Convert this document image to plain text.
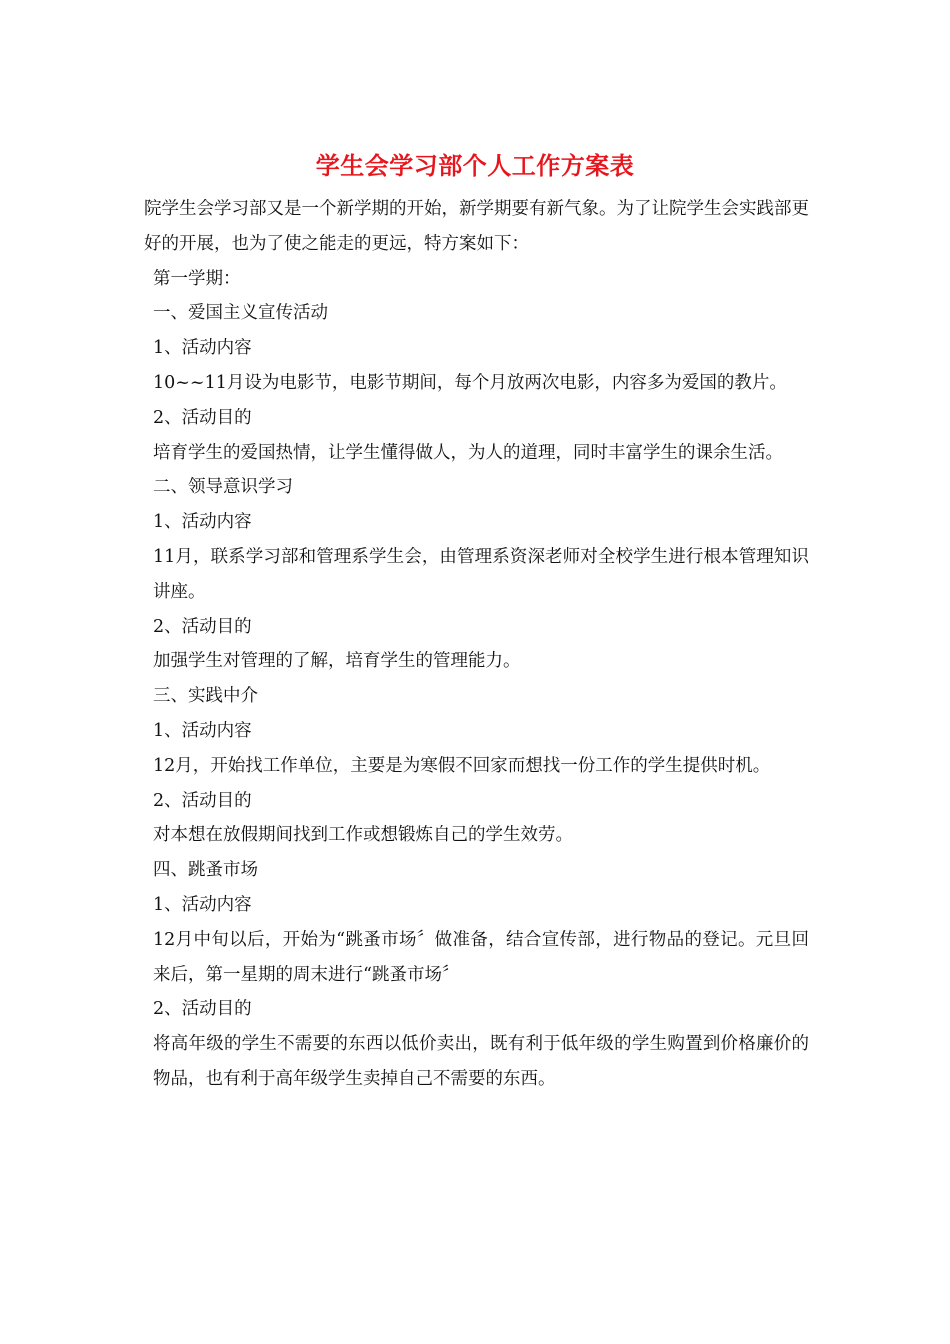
学生会学习部个人工作方案表

院学生会学习部又是一个新学期的开始，新学期要有新气象。为了让院学生会实践部更好的开展，也为了使之能走的更远，特方案如下：

第一学期：

一、爱国主义宣传活动

1、活动内容

10~~11月设为电影节，电影节期间，每个月放两次电影，内容多为爱国的教片。

2、活动目的

培育学生的爱国热情，让学生懂得做人，为人的道理，同时丰富学生的课余生活。

二、领导意识学习

1、活动内容

11月，联系学习部和管理系学生会，由管理系资深老师对全校学生进行根本管理知识讲座。

2、活动目的

加强学生对管理的了解，培育学生的管理能力。

三、实践中介

1、活动内容

12月，开始找工作单位，主要是为寒假不回家而想找一份工作的学生提供时机。

2、活动目的

对本想在放假期间找到工作或想锻炼自己的学生效劳。

四、跳蚤市场

1、活动内容

12月中旬以后，开始为“跳蚤市场〞做准备，结合宣传部，进行物品的登记。元旦回来后，第一星期的周末进行“跳蚤市场〞

2、活动目的

将高年级的学生不需要的东西以低价卖出，既有利于低年级的学生购置到价格廉价的物品，也有利于高年级学生卖掉自己不需要的东西。
